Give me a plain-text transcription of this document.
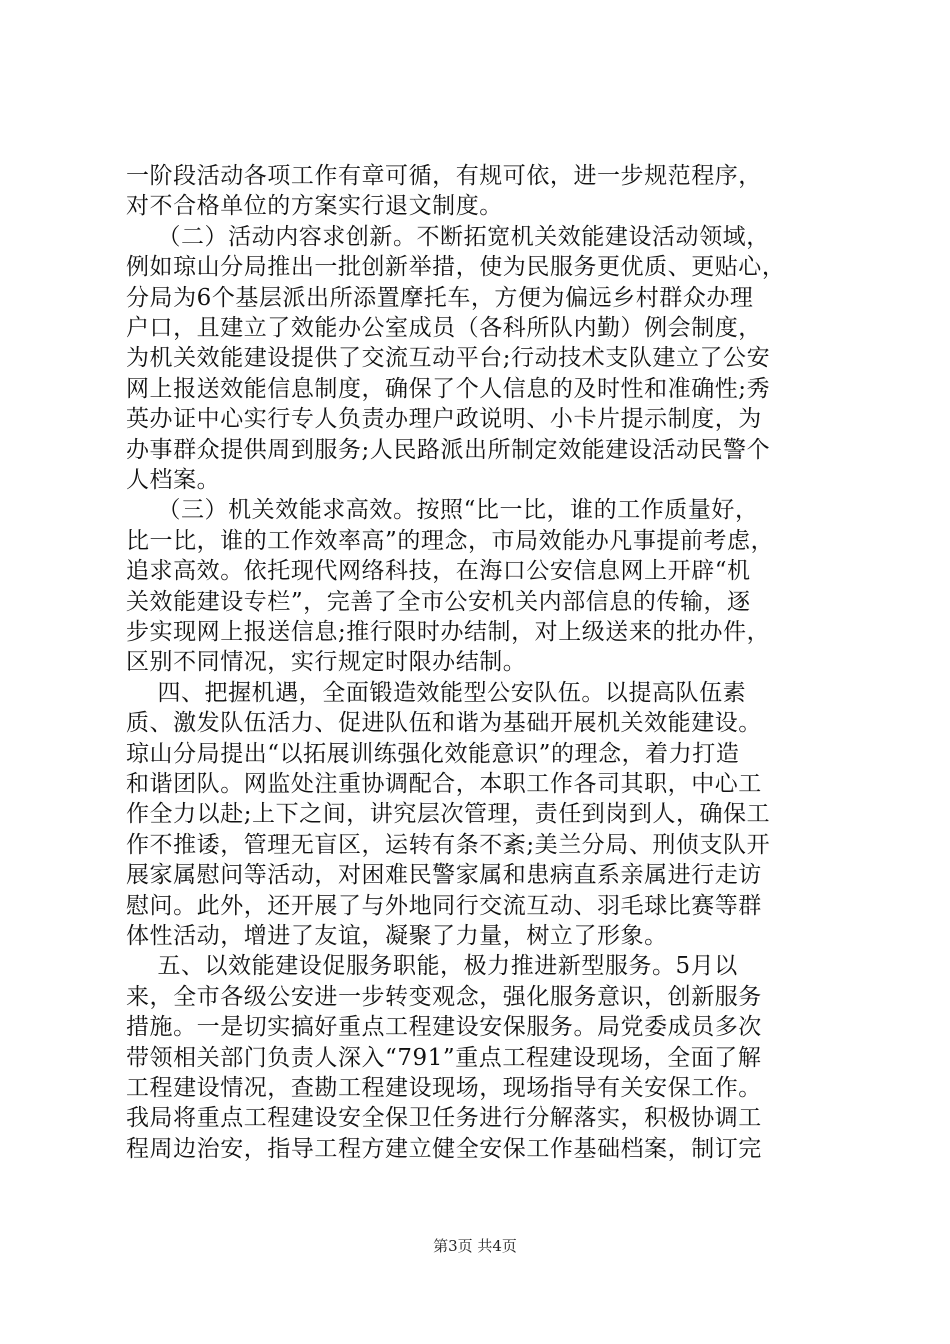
一阶段活动各项工作有章可循，有规可依，进一步规范程序，
对不合格单位的方案实行退文制度。
（二）活动内容求创新。不断拓宽机关效能建设活动领域，
例如琼山分局推出一批创新举措，使为民服务更优质、更贴心，
分局为6个基层派出所添置摩托车，方便为偏远乡村群众办理
户口，且建立了效能办公室成员（各科所队内勤）例会制度，
为机关效能建设提供了交流互动平台;行动技术支队建立了公安
网上报送效能信息制度，确保了个人信息的及时性和准确性;秀
英办证中心实行专人负责办理户政说明、小卡片提示制度，为
办事群众提供周到服务;人民路派出所制定效能建设活动民警个
人档案。
（三）机关效能求高效。按照“比一比，谁的工作质量好，
比一比，谁的工作效率高”的理念，市局效能办凡事提前考虑，
追求高效。依托现代网络科技，在海口公安信息网上开辟“机
关效能建设专栏”，完善了全市公安机关内部信息的传输，逐
步实现网上报送信息;推行限时办结制，对上级送来的批办件，
区别不同情况，实行规定时限办结制。
四、把握机遇，全面锻造效能型公安队伍。以提高队伍素
质、激发队伍活力、促进队伍和谐为基础开展机关效能建设。
琼山分局提出“以拓展训练强化效能意识”的理念，着力打造
和谐团队。网监处注重协调配合，本职工作各司其职，中心工
作全力以赴;上下之间，讲究层次管理，责任到岗到人，确保工
作不推诿，管理无盲区，运转有条不紊;美兰分局、刑侦支队开
展家属慰问等活动，对困难民警家属和患病直系亲属进行走访
慰问。此外，还开展了与外地同行交流互动、羽毛球比赛等群
体性活动，增进了友谊，凝聚了力量，树立了形象。
五、以效能建设促服务职能，极力推进新型服务。5月以
来，全市各级公安进一步转变观念，强化服务意识，创新服务
措施。一是切实搞好重点工程建设安保服务。局党委成员多次
带领相关部门负责人深入“791”重点工程建设现场，全面了解
工程建设情况，查勘工程建设现场，现场指导有关安保工作。
我局将重点工程建设安全保卫任务进行分解落实，积极协调工
程周边治安，指导工程方建立健全安保工作基础档案，制订完
第3页 共4页
